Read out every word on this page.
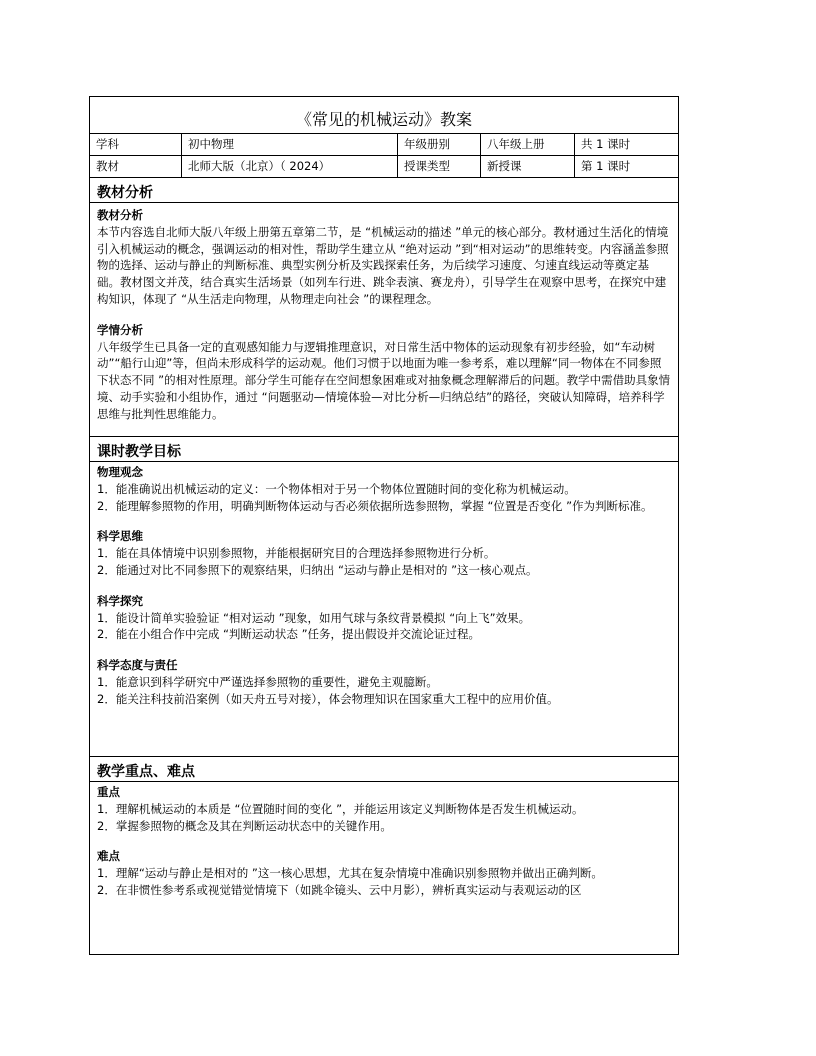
《常见的机械运动》教案
学科	初中物理	年级册别	八年级上册	共 1 课时
教材	北师大版（北京）（ 2024）	授课类型	新授课	第 1 课时
教材分析

教材分析

本节内容选自北师大版八年级上册第五章第二节，是 “机械运动的描述 ”单元的核心部分。教材通过生活化的情境引入机械运动的概念，强调运动的相对性，帮助学生建立从 “绝对运动 ”到“相对运动”的思维转变。内容涵盖参照物的选择、运动与静止的判断标准、典型实例分析及实践探索任务，为后续学习速度、匀速直线运动等奠定基础。教材图文并茂，结合真实生活场景（如列车行进、跳伞表演、赛龙舟），引导学生在观察中思考，在探究中建构知识，体现了 “从生活走向物理，从物理走向社会 ”的课程理念。

学情分析

八年级学生已具备一定的直观感知能力与逻辑推理意识，对日常生活中物体的运动现象有初步经验，如“车动树动”“船行山迎”等，但尚未形成科学的运动观。他们习惯于以地面为唯一参考系，难以理解“同一物体在不同参照下状态不同 ”的相对性原理。部分学生可能存在空间想象困难或对抽象概念理解滞后的问题。教学中需借助具象情境、动手实验和小组协作，通过 “问题驱动—情境体验—对比分析—归纳总结”的路径，突破认知障碍，培养科学思维与批判性思维能力。

课时教学目标

物理观念

1．能准确说出机械运动的定义：一个物体相对于另一个物体位置随时间的变化称为机械运动。

2．能理解参照物的作用，明确判断物体运动与否必须依据所选参照物，掌握 “位置是否变化 ”作为判断标准。

科学思维

1．能在具体情境中识别参照物，并能根据研究目的合理选择参照物进行分析。

2．能通过对比不同参照下的观察结果，归纳出 “运动与静止是相对的 ”这一核心观点。

科学探究

1．能设计简单实验验证 “相对运动 ”现象，如用气球与条纹背景模拟 “向上飞”效果。

2．能在小组合作中完成 “判断运动状态 ”任务，提出假设并交流论证过程。

科学态度与责任

1．能意识到科学研究中严谨选择参照物的重要性，避免主观臆断。

2．能关注科技前沿案例（如天舟五号对接），体会物理知识在国家重大工程中的应用价值。

教学重点、难点

重点

1．理解机械运动的本质是 “位置随时间的变化 ”，并能运用该定义判断物体是否发生机械运动。

2．掌握参照物的概念及其在判断运动状态中的关键作用。

难点

1．理解“运动与静止是相对的 ”这一核心思想，尤其在复杂情境中准确识别参照物并做出正确判断。

2．在非惯性参考系或视觉错觉情境下（如跳伞镜头、云中月影），辨析真实运动与表观运动的区
